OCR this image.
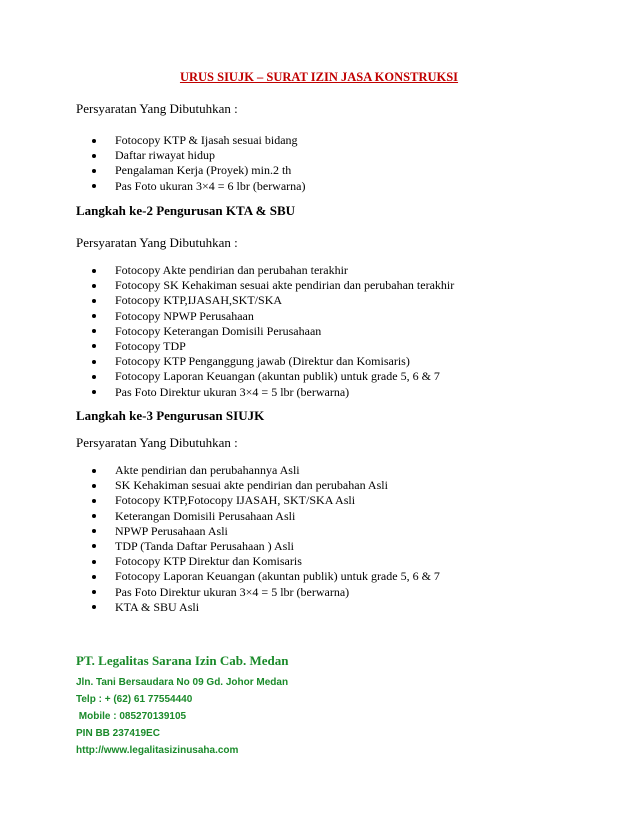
URUS SIUJK – SURAT IZIN JASA KONSTRUKSI
Persyaratan Yang Dibutuhkan :
Fotocopy KTP & Ijasah sesuai bidang
Daftar riwayat hidup
Pengalaman Kerja (Proyek) min.2 th
Pas Foto ukuran 3×4 = 6 lbr (berwarna)
Langkah ke-2 Pengurusan KTA & SBU
Persyaratan Yang Dibutuhkan :
Fotocopy Akte pendirian dan perubahan terakhir
Fotocopy SK Kehakiman sesuai akte pendirian dan perubahan terakhir
Fotocopy KTP,IJASAH,SKT/SKA
Fotocopy NPWP Perusahaan
Fotocopy Keterangan Domisili Perusahaan
Fotocopy TDP
Fotocopy KTP Penganggung jawab (Direktur dan Komisaris)
Fotocopy Laporan Keuangan (akuntan publik) untuk grade 5, 6 & 7
Pas Foto Direktur ukuran 3×4 = 5 lbr (berwarna)
Langkah ke-3 Pengurusan SIUJK
Persyaratan Yang Dibutuhkan :
Akte pendirian dan perubahannya Asli
SK Kehakiman sesuai akte pendirian dan perubahan Asli
Fotocopy KTP,Fotocopy IJASAH, SKT/SKA Asli
Keterangan Domisili Perusahaan Asli
NPWP Perusahaan Asli
TDP (Tanda Daftar Perusahaan ) Asli
Fotocopy KTP Direktur dan Komisaris
Fotocopy Laporan Keuangan (akuntan publik) untuk grade 5, 6 & 7
Pas Foto Direktur ukuran 3×4 = 5 lbr (berwarna)
KTA & SBU Asli
PT. Legalitas Sarana Izin Cab. Medan
Jln. Tani Bersaudara No 09 Gd. Johor Medan
Telp : + (62) 61 77554440
Mobile : 085270139105
PIN BB 237419EC
http://www.legalitasizinusaha.com
